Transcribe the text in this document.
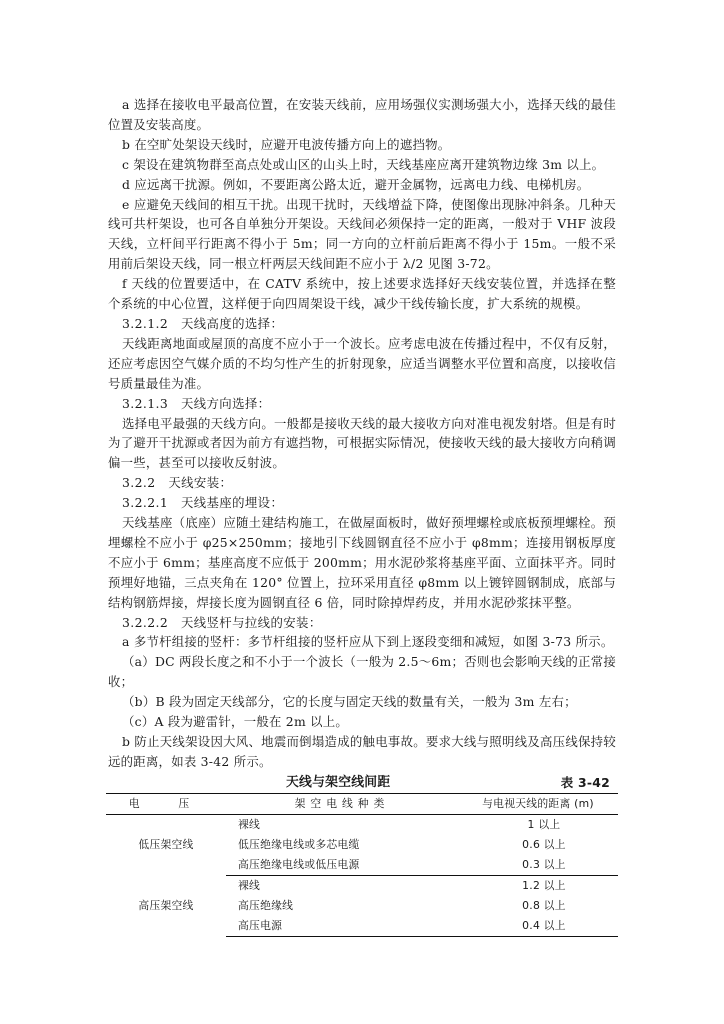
a 选择在接收电平最高位置，在安装天线前，应用场强仪实测场强大小，选择天线的最佳位置及安装高度。

b 在空旷处架设天线时，应避开电波传播方向上的遮挡物。

c 架设在建筑物群至高点处或山区的山头上时，天线基座应离开建筑物边缘 3m 以上。

d 应远离干扰源。例如，不要距离公路太近，避开金属物，远离电力线、电梯机房。

e 应避免天线间的相互干扰。出现干扰时，天线增益下降，使图像出现脉冲斜条。几种天线可共杆架设，也可各自单独分开架设。天线间必须保持一定的距离，一般对于 VHF 波段天线，立杆间平行距离不得小于 5m；同一方向的立杆前后距离不得小于 15m。一般不采用前后架设天线，同一根立杆两层天线间距不应小于 λ/2 见图 3-72。

f 天线的位置要适中，在 CATV 系统中，按上述要求选择好天线安装位置，并选择在整个系统的中心位置，这样便于向四周架设干线，减少干线传输长度，扩大系统的规模。

3.2.1.2　天线高度的选择：

天线距离地面或屋顶的高度不应小于一个波长。应考虑电波在传播过程中，不仅有反射，还应考虑因空气媒介质的不均匀性产生的折射现象，应适当调整水平位置和高度，以接收信号质量最佳为准。

3.2.1.3　天线方向选择：

选择电平最强的天线方向。一般都是接收天线的最大接收方向对准电视发射塔。但是有时为了避开干扰源或者因为前方有遮挡物，可根据实际情况，使接收天线的最大接收方向稍调偏一些，甚至可以接收反射波。

3.2.2　天线安装：

3.2.2.1　天线基座的埋设：

天线基座（底座）应随土建结构施工，在做屋面板时，做好预埋螺栓或底板预埋螺栓。预埋螺栓不应小于 φ25×250mm；接地引下线圆钢直径不应小于 φ8mm；连接用钢板厚度不应小于 6mm；基座高度不应低于 200mm；用水泥砂浆将基座平面、立面抹平齐。同时预埋好地锚，三点夹角在 120° 位置上，拉环采用直径 φ8mm 以上镀锌圆钢制成，底部与结构钢筋焊接，焊接长度为圆钢直径 6 倍，同时除掉焊药皮，并用水泥砂浆抹平整。

3.2.2.2　天线竖杆与拉线的安装：

a 多节杆组接的竖杆：多节杆组接的竖杆应从下到上逐段变细和减短，如图 3-73 所示。

（a）DC 两段长度之和不小于一个波长（一般为 2.5～6m；否则也会影响天线的正常接收；

（b）B 段为固定天线部分，它的长度与固定天线的数量有关，一般为 3m 左右；

（c）A 段为避雷针，一般在 2m 以上。

b 防止天线架设因大风、地震而倒塌造成的触电事故。要求大线与照明线及高压线保持较远的距离，如表 3-42 所示。

天线与架空线间距	表 3-42
电　压	架空电线种类	与电视天线的距离 (m)
低压架空线	裸线	1 以上
	低压绝缘电线或多芯电缆	0.6 以上
	高压绝缘电线或低压电源	0.3 以上
高压架空线	裸线	1.2 以上
	高压绝缘线	0.8 以上
	高压电源	0.4 以上
